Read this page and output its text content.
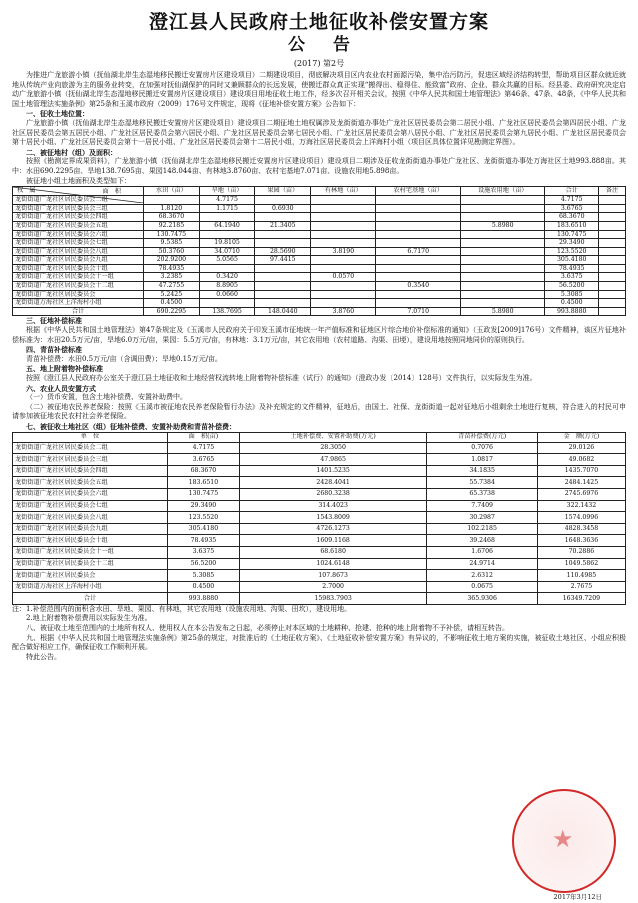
澄江县人民政府土地征收补偿安置方案
公告
(2017) 第2号

为推进广龙旅游小镇（抚仙湖北岸生态湿地移民搬迁安置房片区建设项目）二期建设项目，彻底解决项目区内农业农村面源污染，集中治污防污，促进区域经济结构转型，帮助项目区群众就近就地从传统产业向旅游为主的服务业转变，在加强对抚仙湖保护的同时又兼顾群众的长远发展，使搬迁群众真正实现“搬得出、稳得住、能致富”政府、企业、群众共赢的目标。经县委、政府研究决定启动广龙旅游小镇（抚仙湖北岸生态湿地移民搬迁安置房片区建设项目）建设项目用地征收土地工作，经多次召开相关会议，按照《中华人民共和国土地管理法》第46条、47条、48条，《中华人民共和国土地管理法实施条例》第25条和玉溪市政府（2009）176号文件规定，现将《征地补偿安置方案》公告如下：

一、征收土地位置：

广龙旅游小镇（抚仙湖北岸生态湿地移民搬迁安置房片区建设项目）建设项目二期征地土地权属涉及龙街街道办事处广龙社区居民委员会第二居民小组、广龙社区居民委员会第四居民小组、广龙社区居民委员会第五居民小组、广龙社区居民委员会第六居民小组、广龙社区居民委员会第七居民小组、广龙社区居民委员会第八居民小组、广龙社区居民委员会第九居民小组、广龙社区居民委员会第十居民小组、广龙社区居民委员会第十一居民小组、广龙社区居民委员会第十二居民小组，万海社区居民委员会上洋海村小组（项目区具体位置详见勘测定界图）。

二、被征地村（组）及面积：

按照《勘测定界成果资料》，广龙旅游小镇（抚仙湖北岸生态湿地移民搬迁安置房片区建设项目）建设项目二期涉及征收龙街街道办事处广龙社区、龙街街道办事处万海社区土地993.888亩。其中：水田690.2295亩、旱地138.7695亩、果园148.044亩、有林地3.8760亩、农村宅基地7.071亩、设施农用地5.898亩。

被征地小组土地面积及类型如下：

面　积
权　属	水田（亩）	旱地（亩）	果园（亩）	有林地（亩）	农村宅基地（亩）	设施农用地（亩）	合计	备注
龙街街道广龙社区居民委员会二组		4.7175					4.7175	
龙街街道广龙社区居民委员会三组	1.8120	1.1715	0.6930				3.6765	
龙街街道广龙社区居民委员会四组	68.3670						68.3670	
龙街街道广龙社区居民委员会五组	92.2185	64.1940	21.3405			5.8980	183.6510	
龙街街道广龙社区居民委员会六组	130.7475						130.7475	
龙街街道广龙社区居民委员会七组	9.5385	19.8105					29.3490	
龙街街道广龙社区居民委员会八组	50.3760	34.0710	28.5690	3.8190	6.7170		123.5520	
龙街街道广龙社区居民委员会九组	202.9200	5.0565	97.4415				305.4180	
龙街街道广龙社区居民委员会十组	78.4935						78.4935	
龙街街道广龙社区居民委员会十一组	3.2385	0.3420		0.0570			3.6375	
龙街街道广龙社区居民委员会十二组	47.2755	8.8905			0.3540		56.5200	
龙街街道广龙社区居民委员会	5.2425	0.0660					5.3085	
龙街街道万海社区上洋海村小组	0.4500						0.4500	
合计	690.2295	138.7695	148.0440	3.8760	7.0710	5.8980	993.8880	

三、征地补偿标准

根据《中华人民共和国土地管理法》第47条规定及《玉溪市人民政府关于印发玉溪市征地统一年产值标准和征地区片综合地价补偿标准的通知》（玉政发[2009]176号）文件精神，该区片征地补偿标准为：水田20.5万元/亩，旱地6.0万元/亩，果园：5.5万元/亩，有林地：3.1万元/亩，其它农用地（农村道路、沟渠、田埂），建设用地按照同地同价的原则执行。

四、青苗补偿标准

青苗补偿费：水田0.5万元/亩（含调田费）；旱地0.15万元/亩。

五、地上附着物补偿标准

按照《澄江县人民政府办公室关于澄江县土地征收和土地经营权流转地上附着物补偿标准（试行）的通知》（澄政办发〔2014〕128号）文件执行，以实际发生为准。

六、农业人员安置方式

（一）货币安置，包含土地补偿费、安置补助费中。

（二）被征地农民养老保险：按照《玉溪市被征地农民养老保险暂行办法》及补充规定的文件精神，征地后，由国土、社保、龙街街道一起对征地后小组剩余土地进行复核，符合进入的村民可申请参加被征地农民农村社会养老保险。

七、被征收土地社区（组）征地补偿费、安置补助费和青苗补偿费：

单　位	面　积(亩)	土地补偿费、安置补助费(万元)	青苗补偿费(万元)	金　额(万元)
龙街街道广龙社区居民委员会二组	4.7175	28.3050	0.7076	29.0126
龙街街道广龙社区居民委员会三组	3.6765	47.9865	1.0817	49.0682
龙街街道广龙社区居民委员会四组	68.3670	1401.5235	34.1835	1435.7070
龙街街道广龙社区居民委员会五组	183.6510	2428.4041	55.7384	2484.1425
龙街街道广龙社区居民委员会六组	130.7475	2680.3238	65.3738	2745.6976
龙街街道广龙社区居民委员会七组	29.3490	314.4023	7.7409	322.1432
龙街街道广龙社区居民委员会八组	123.5520	1543.8009	30.2987	1574.0996
龙街街道广龙社区居民委员会九组	305.4180	4726.1273	102.2185	4828.3458
龙街街道广龙社区居民委员会十组	78.4935	1609.1168	39.2468	1648.3636
龙街街道广龙社区居民委员会十一组	3.6375	68.6180	1.6706	70.2886
龙街街道广龙社区居民委员会十二组	56.5200	1024.6148	24.9714	1049.5862
龙街街道广龙社区居民委员会	5.3085	107.8673	2.6312	110.4985
龙街街道万海社区上洋海村小组	0.4500	2.7000	0.0675	2.7675
合计	993.8880	15983.7903	365.9306	16349.7209

注：1.补偿范围内的面积含水田、旱地、果园、有林地，其它农用地（设施农用地、沟渠、田坎），建设用地。

　　2.地上附着物补偿费用以实际发生为准。

　　八、被征收土地至范围内的土地所有权人、使用权人在本公告发布之日起，必须停止对本区域的土地耕种、抢建、抢种的地上附着物不予补偿，请相互转告。

　　九、根据《中华人民共和国土地管理法实施条例》第25条的规定，对批准后的《土地征收方案》、《土地征收补偿安置方案》有异议的，不影响征收土地方案的实施，被征收土地社区、小组应积极配合做好相应工作，确保征收工作顺利开展。

　　特此公告。

★
2017年3月12日
